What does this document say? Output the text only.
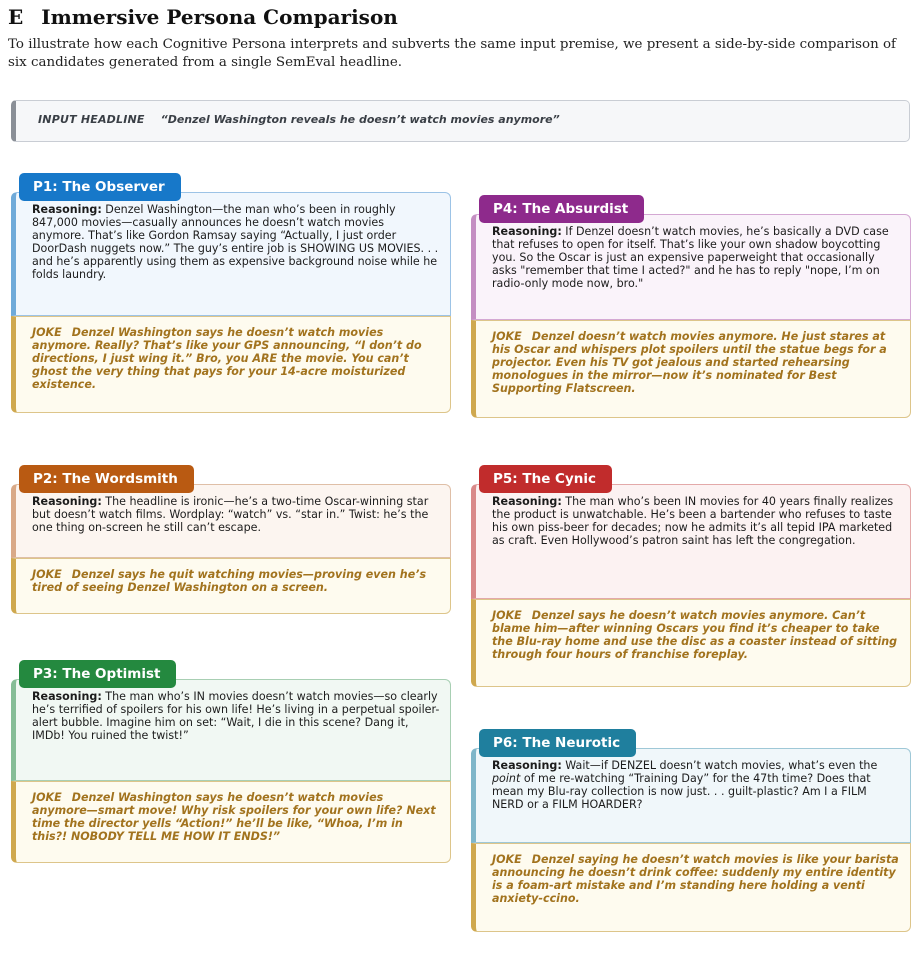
E Immersive Persona Comparison

To illustrate how each Cognitive Persona interprets and subverts the same input premise, we present a side-by-side comparison of six candidates generated from a single SemEval headline.

INPUT HEADLINE “Denzel Washington reveals he doesn’t watch movies anymore”
P1: The Observer
Reasoning: Denzel Washington—the man who’s been in roughly 847,000 movies—casually announces he doesn’t watch movies anymore. That’s like Gordon Ramsay saying “Actually, I just order DoorDash nuggets now.” The guy’s entire job is SHOWING US MOVIES. . . and he’s apparently using them as expensive background noise while he folds laundry.
JOKE Denzel Washington says he doesn’t watch movies anymore. Really? That’s like your GPS announcing, “I don’t do directions, I just wing it.” Bro, you ARE the movie. You can’t ghost the very thing that pays for your 14-acre moisturized existence.
P2: The Wordsmith
Reasoning: The headline is ironic—he’s a two-time Oscar-winning star but doesn’t watch films. Wordplay: “watch” vs. “star in.” Twist: he’s the one thing on-screen he still can’t escape.
JOKE Denzel says he quit watching movies—proving even he’s tired of seeing Denzel Washington on a screen.
P3: The Optimist
Reasoning: The man who’s IN movies doesn’t watch movies—so clearly he’s terrified of spoilers for his own life! He’s living in a perpetual spoiler-alert bubble. Imagine him on set: “Wait, I die in this scene? Dang it, IMDb! You ruined the twist!”
JOKE Denzel Washington says he doesn’t watch movies anymore—smart move! Why risk spoilers for your own life? Next time the director yells “Action!” he’ll be like, “Whoa, I’m in this?! NOBODY TELL ME HOW IT ENDS!”
P4: The Absurdist
Reasoning: If Denzel doesn’t watch movies, he’s basically a DVD case that refuses to open for itself. That’s like your own shadow boycotting you. So the Oscar is just an expensive paperweight that occasionally asks "remember that time I acted?" and he has to reply "nope, I’m on radio-only mode now, bro."
JOKE Denzel doesn’t watch movies anymore. He just stares at his Oscar and whispers plot spoilers until the statue begs for a projector. Even his TV got jealous and started rehearsing monologues in the mirror—now it’s nominated for Best Supporting Flatscreen.
P5: The Cynic
Reasoning: The man who’s been IN movies for 40 years finally realizes the product is unwatchable. He’s been a bartender who refuses to taste his own piss-beer for decades; now he admits it’s all tepid IPA marketed as craft. Even Hollywood’s patron saint has left the congregation.
JOKE Denzel says he doesn’t watch movies anymore. Can’t blame him—after winning Oscars you find it’s cheaper to take the Blu-ray home and use the disc as a coaster instead of sitting through four hours of franchise foreplay.
P6: The Neurotic
Reasoning: Wait—if DENZEL doesn’t watch movies, what’s even the point of me re-watching “Training Day” for the 47th time? Does that mean my Blu-ray collection is now just. . . guilt-plastic? Am I a FILM NERD or a FILM HOARDER?
JOKE Denzel saying he doesn’t watch movies is like your barista announcing he doesn’t drink coffee: suddenly my entire identity is a foam-art mistake and I’m standing here holding a venti anxiety-ccino.
